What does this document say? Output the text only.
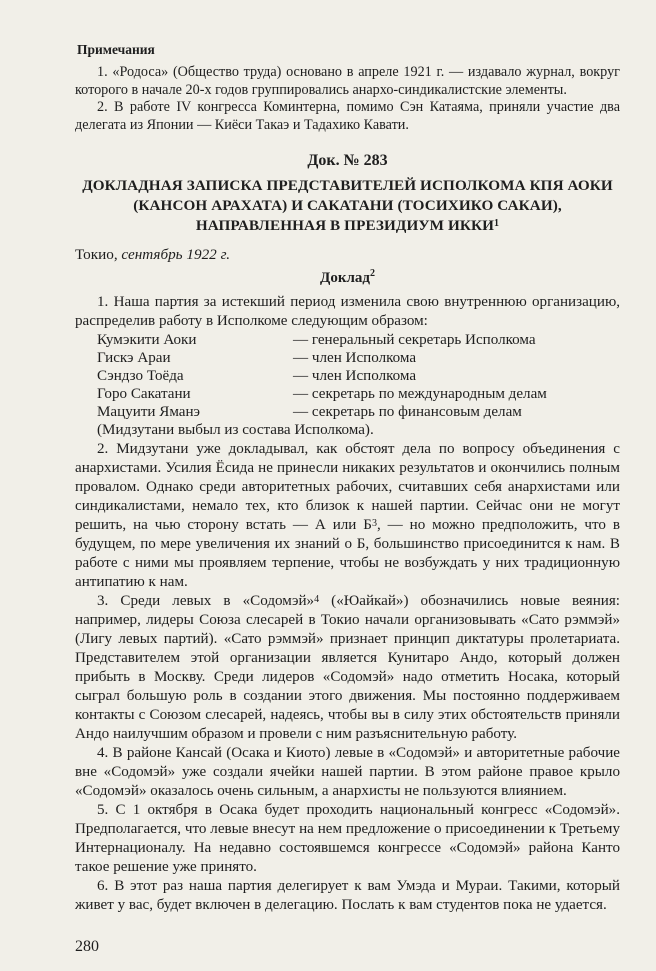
Примечания

1. «Родоса» (Общество труда) основано в апреле 1921 г. — издавало журнал, вокруг которого в начале 20-х годов группировались анархо-синдикалистские элементы.

2. В работе IV конгресса Коминтерна, помимо Сэн Катаяма, приняли участие два делегата из Японии — Киёси Такаэ и Тадахико Кавати.

Док. № 283
ДОКЛАДНАЯ ЗАПИСКА ПРЕДСТАВИТЕЛЕЙ ИСПОЛКОМА КПЯ АОКИ (КАНСОН АРАХАТА) И САКАТАНИ (ТОСИХИКО САКАИ), НАПРАВЛЕННАЯ В ПРЕЗИДИУМ ИККИ$^1$
Токио, сентябрь 1922 г.
Доклад$^2$

1. Наша партия за истекший период изменила свою внутреннюю организацию, распределив работу в Исполкоме следующим образом:

Кумэкити Аоки	— генеральный секретарь Исполкома
Гискэ Араи	— член Исполкома
Сэндзо Тоёда	— член Исполкома
Горо Сакатани	— секретарь по международным делам
Мацуити Яманэ	— секретарь по финансовым делам

(Мидзутани выбыл из состава Исполкома).

2. Мидзутани уже докладывал, как обстоят дела по вопросу объединения с анархистами. Усилия Ёсида не принесли никаких результатов и окончились полным провалом. Однако среди авторитетных рабочих, считавших себя анархистами или синдикалистами, немало тех, кто близок к нашей партии. Сейчас они не могут решить, на чью сторону встать — А или $Б^3$, — но можно предположить, что в будущем, по мере увеличения их знаний о Б, большинство присоединится к нам. В работе с ними мы проявляем терпение, чтобы не возбуждать у них традиционную антипатию к нам.

3. Среди левых в «Содомэй»$^4$ («Юайкай») обозначились новые веяния: например, лидеры Союза слесарей в Токио начали организовывать «Сато рэммэй» (Лигу левых партий). «Сато рэммэй» признает принцип диктатуры пролетариата. Представителем этой организации является Кунитаро Андо, который должен прибыть в Москву. Среди лидеров «Содомэй» надо отметить Носака, который сыграл большую роль в создании этого движения. Мы постоянно поддерживаем контакты с Союзом слесарей, надеясь, чтобы вы в силу этих обстоятельств приняли Андо наилучшим образом и провели с ним разъяснительную работу.

4. В районе Кансай (Осака и Киото) левые в «Содомэй» и авторитетные рабочие вне «Содомэй» уже создали ячейки нашей партии. В этом районе правое крыло «Содомэй» оказалось очень сильным, а анархисты не пользуются влиянием.

5. С 1 октября в Осака будет проходить национальный конгресс «Содомэй». Предполагается, что левые внесут на нем предложение о присоединении к Третьему Интернационалу. На недавно состоявшемся конгрессе «Содомэй» района Канто такое решение уже принято.

6. В этот раз наша партия делегирует к вам Умэда и Мураи. Такими, который живет у вас, будет включен в делегацию. Послать к вам студентов пока не удается.

280
